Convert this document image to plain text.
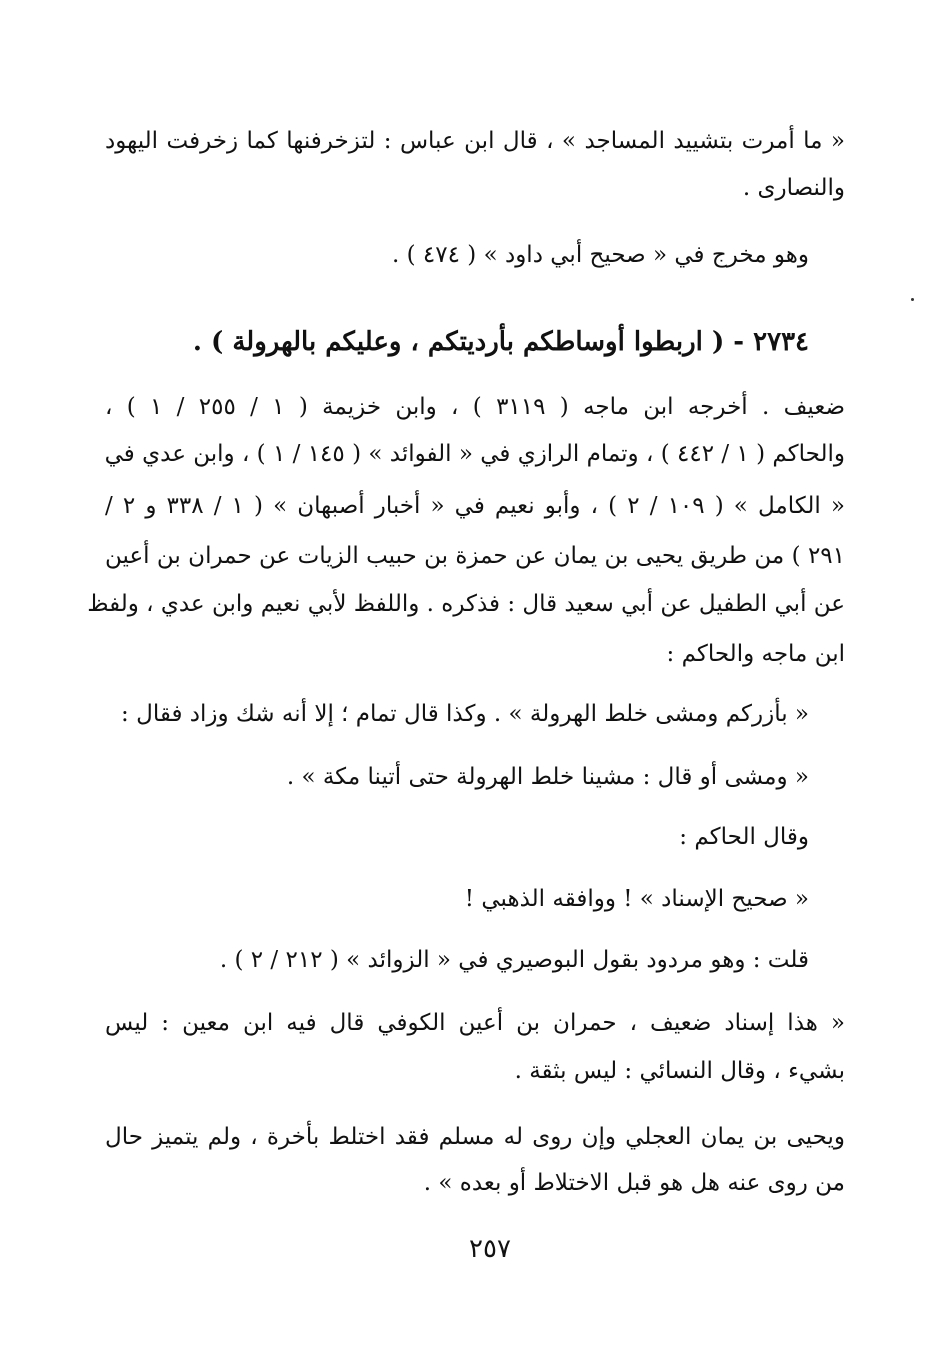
« ما أمرت بتشييد المساجد » ، قال ابن عباس : لتزخرفنها كما زخرفت اليهود
والنصارى .
وهو مخرج في « صحيح أبي داود » ( ٤٧٤ ) .
٢٧٣٤ - ( اربطوا أوساطكم بأرديتكم ، وعليكم بالهرولة ) .
ضعيف . أخرجه ابن ماجه ( ٣١١٩ ) ، وابن خزيمة ( ١ / ٢٥٥ / ١ ) ،
والحاكم ( ١ / ٤٤٢ ) ، وتمام الرازي في « الفوائد » ( ١٤٥ / ١ ) ، وابن عدي في
« الكامل » ( ١٠٩ / ٢ ) ، وأبو نعيم في « أخبار أصبهان » ( ١ / ٣٣٨ و ٢ /
٢٩١ ) من طريق يحيى بن يمان عن حمزة بن حبيب الزيات عن حمران بن أعين
عن أبي الطفيل عن أبي سعيد قال : فذكره . واللفظ لأبي نعيم وابن عدي ، ولفظ
ابن ماجه والحاكم :
« بأزركم ومشى خلط الهرولة » . وكذا قال تمام ؛ إلا أنه شك وزاد فقال :
« ومشى أو قال : مشينا خلط الهرولة حتى أتينا مكة » .
وقال الحاكم :
« صحيح الإسناد » ! ووافقه الذهبي !
قلت : وهو مردود بقول البوصيري في « الزوائد » ( ٢١٢ / ٢ ) .
« هذا إسناد ضعيف ، حمران بن أعين الكوفي قال فيه ابن معين : ليس
بشيء ، وقال النسائي : ليس بثقة .
ويحيى بن يمان العجلي وإن روى له مسلم فقد اختلط بأخرة ، ولم يتميز حال
من روى عنه هل هو قبل الاختلاط أو بعده » .
٢٥٧
